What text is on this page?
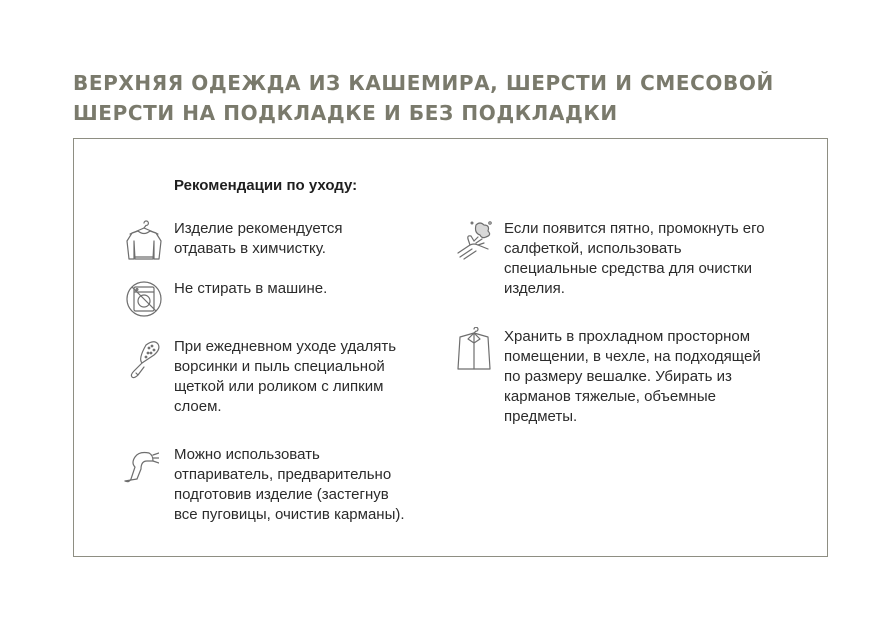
ВЕРХНЯЯ ОДЕЖДА ИЗ КАШЕМИРА, ШЕРСТИ И СМЕСОВОЙ
ШЕРСТИ НА ПОДКЛАДКЕ И БЕЗ ПОДКЛАДКИ
Рекомендации по уходу:
Изделие рекомендуется
отдавать в химчистку.
Не стирать в машине.
При ежедневном уходе удалять
ворсинки и пыль специальной
щеткой или роликом с липким
слоем.
Можно использовать
отпариватель, предварительно
подготовив изделие (застегнув
все пуговицы, очистив карманы).
Если появится пятно, промокнуть его
салфеткой, использовать
специальные средства для очистки
изделия.
Хранить в прохладном просторном
помещении, в чехле, на подходящей
по размеру вешалке. Убирать из
карманов тяжелые, объемные
предметы.
